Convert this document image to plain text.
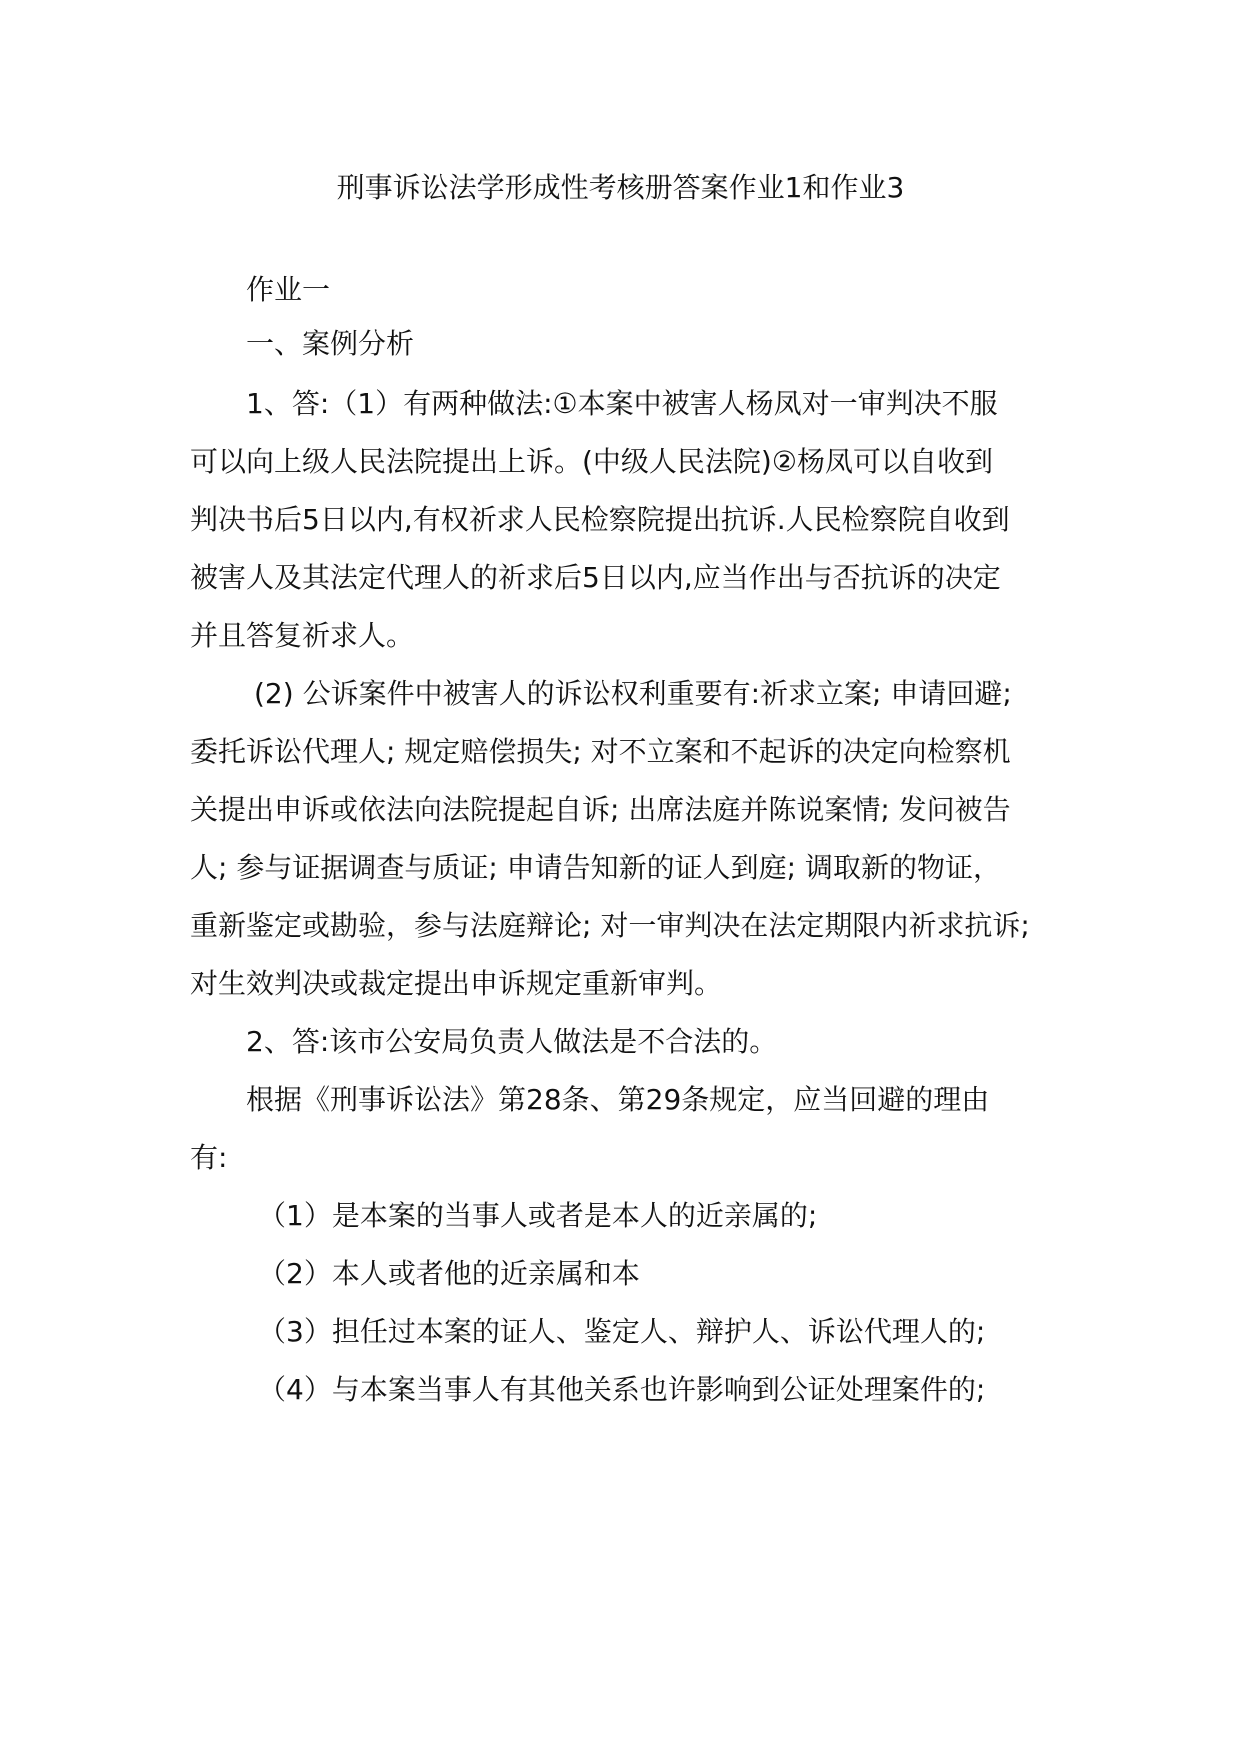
刑事诉讼法学形成性考核册答案作业1和作业3
作业一
一、案例分析
1、答:（1）有两种做法:①本案中被害人杨凤对一审判决不服
可以向上级人民法院提出上诉。(中级人民法院)②杨凤可以自收到
判决书后5日以内,有权祈求人民检察院提出抗诉.人民检察院自收到
被害人及其法定代理人的祈求后5日以内,应当作出与否抗诉的决定
并且答复祈求人。
(2) 公诉案件中被害人的诉讼权利重要有:祈求立案; 申请回避;
委托诉讼代理人; 规定赔偿损失; 对不立案和不起诉的决定向检察机
关提出申诉或依法向法院提起自诉; 出席法庭并陈说案情; 发问被告
人; 参与证据调查与质证; 申请告知新的证人到庭; 调取新的物证，
重新鉴定或勘验，参与法庭辩论; 对一审判决在法定期限内祈求抗诉;
对生效判决或裁定提出申诉规定重新审判。
2、答:该市公安局负责人做法是不合法的。
根据《刑事诉讼法》第28条、第29条规定，应当回避的理由
有:
（1）是本案的当事人或者是本人的近亲属的;
（2）本人或者他的近亲属和本
（3）担任过本案的证人、鉴定人、辩护人、诉讼代理人的;
（4）与本案当事人有其他关系也许影响到公证处理案件的;
